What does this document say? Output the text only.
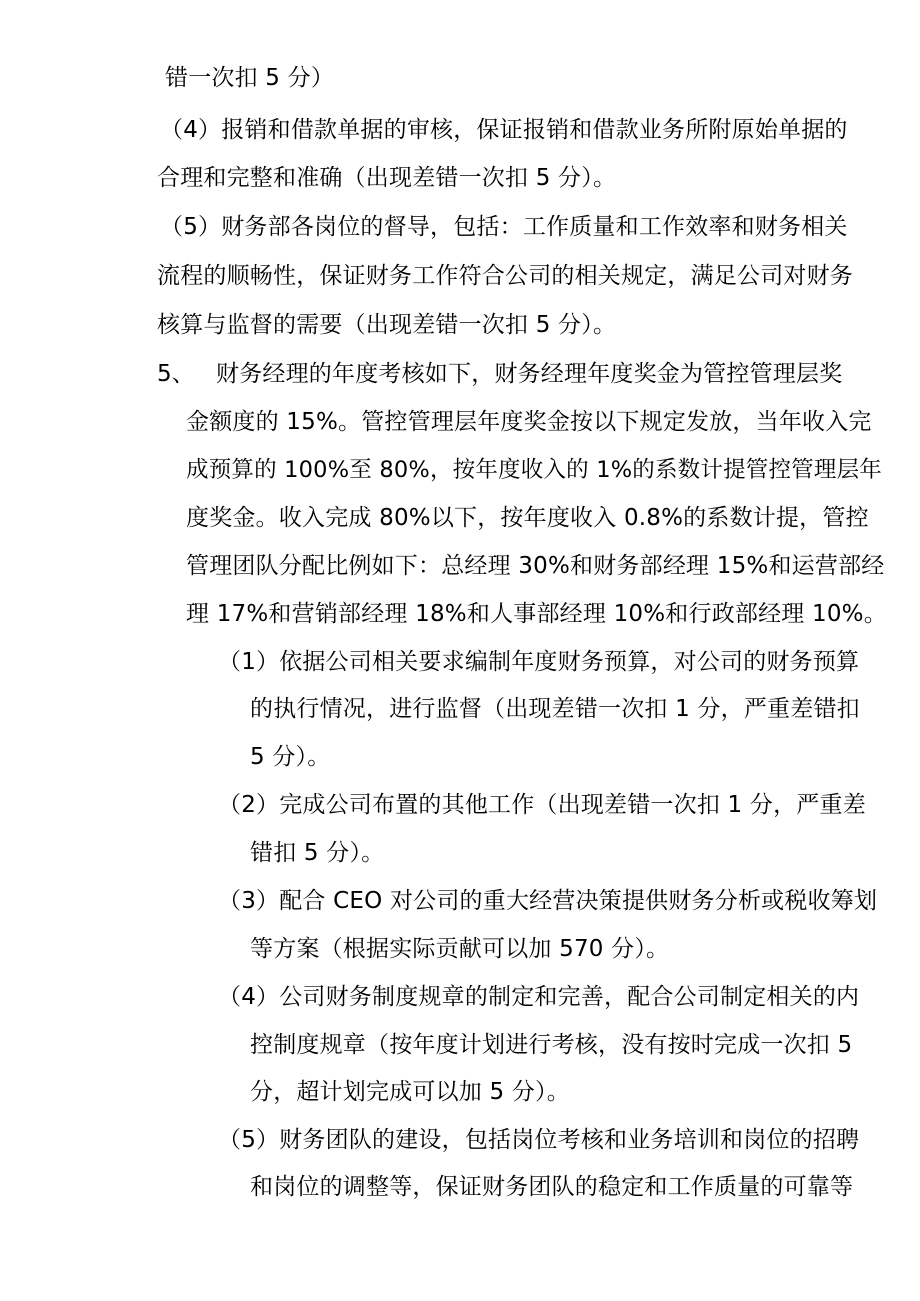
错一次扣 5 分）
（4）报销和借款单据的审核，保证报销和借款业务所附原始单据的
合理和完整和准确（出现差错一次扣 5 分）。
（5）财务部各岗位的督导，包括：工作质量和工作效率和财务相关
流程的顺畅性，保证财务工作符合公司的相关规定，满足公司对财务
核算与监督的需要（出现差错一次扣 5 分）。
5、 财务经理的年度考核如下，财务经理年度奖金为管控管理层奖
金额度的 15%。管控管理层年度奖金按以下规定发放，当年收入完
成预算的 100%至 80%，按年度收入的 1%的系数计提管控管理层年
度奖金。收入完成 80%以下，按年度收入 0.8%的系数计提，管控
管理团队分配比例如下：总经理 30%和财务部经理 15%和运营部经
理 17%和营销部经理 18%和人事部经理 10%和行政部经理 10%。
（1）依据公司相关要求编制年度财务预算，对公司的财务预算
的执行情况，进行监督（出现差错一次扣 1 分，严重差错扣
5 分）。
（2）完成公司布置的其他工作（出现差错一次扣 1 分，严重差
错扣 5 分）。
（3）配合 CEO 对公司的重大经营决策提供财务分析或税收筹划
等方案（根据实际贡献可以加 570 分）。
（4）公司财务制度规章的制定和完善，配合公司制定相关的内
控制度规章（按年度计划进行考核，没有按时完成一次扣 5
分，超计划完成可以加 5 分）。
（5）财务团队的建设，包括岗位考核和业务培训和岗位的招聘
和岗位的调整等，保证财务团队的稳定和工作质量的可靠等
